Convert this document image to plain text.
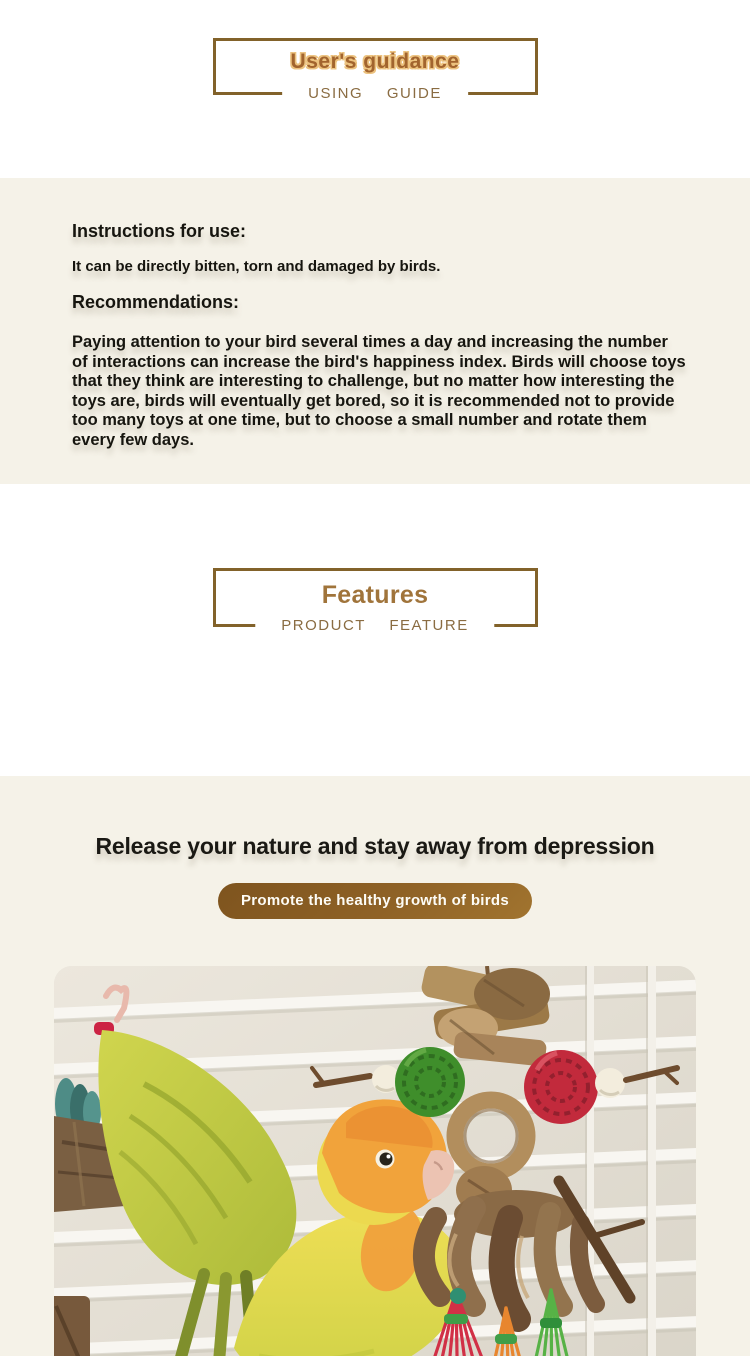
User's guidance
USING GUIDE
Instructions for use:

It can be directly bitten, torn and damaged by birds.

Recommendations:

Paying attention to your bird several times a day and increasing the number of interactions can increase the bird's happiness index. Birds will choose toys that they think are interesting to challenge, but no matter how interesting the toys are, birds will eventually get bored, so it is recommended not to provide too many toys at one time, but to choose a small number and rotate them every few days.

Features
PRODUCT FEATURE
Release your nature and stay away from depression
Promote the healthy growth of birds
